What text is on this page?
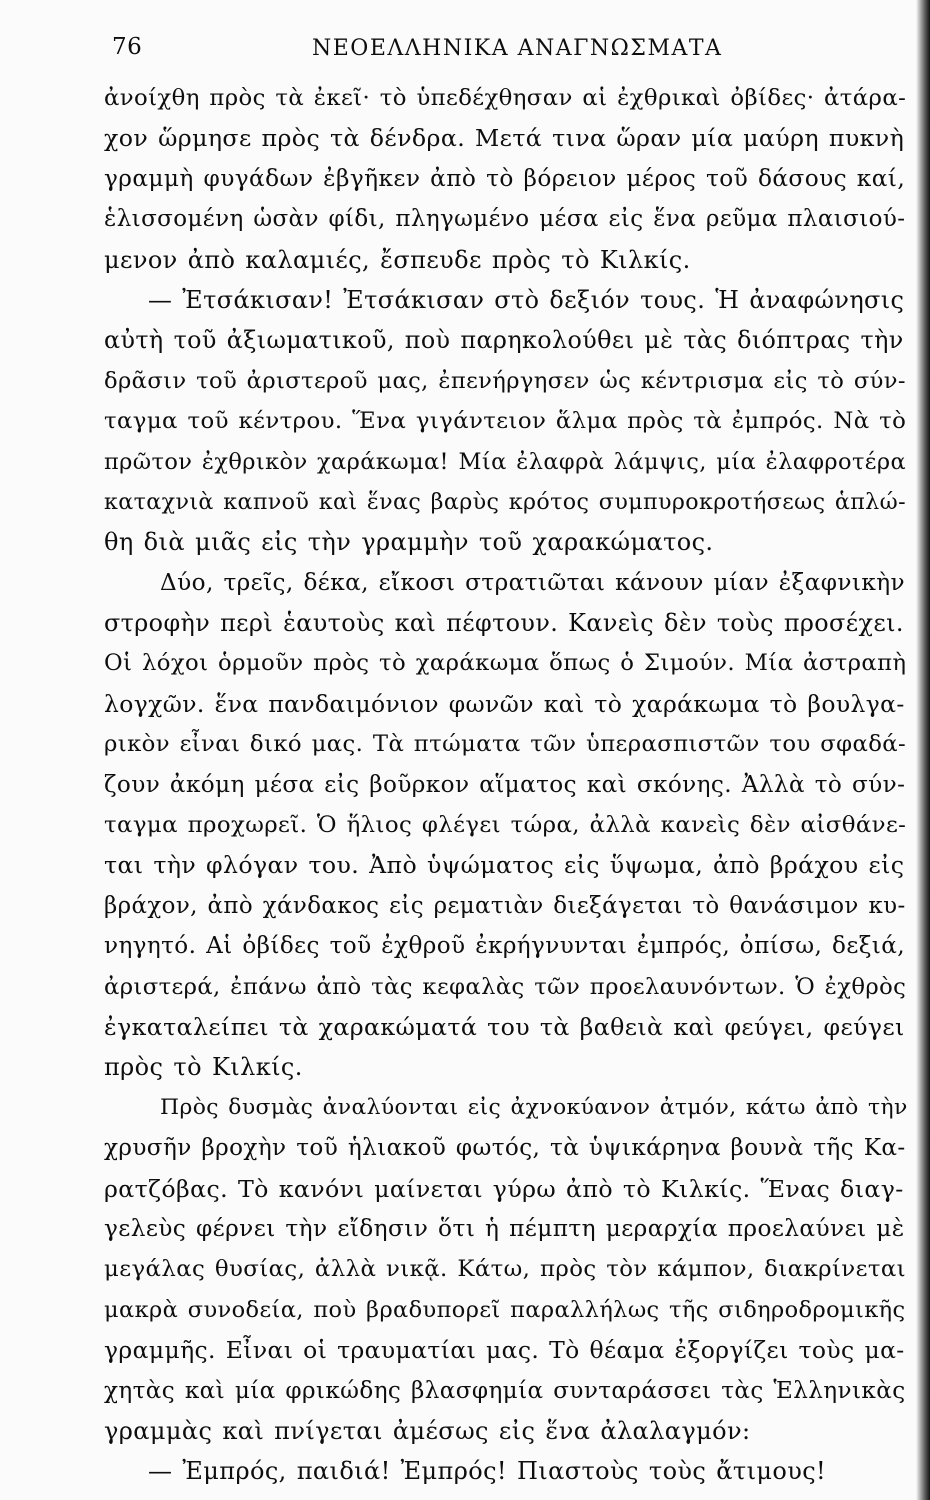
76	ΝΕΟΕΛΛΗΝΙΚΑ ΑΝΑΓΝΩΣΜΑΤΑ
ἀνοίχθη πρὸς τὰ ἐκεῖ· τὸ ὑπεδέχθησαν αἱ ἐχθρικαὶ ὀβίδες· ἀτάρα-
χον ὥρμησε πρὸς τὰ δένδρα. Μετά τινα ὥραν μία μαύρη πυκνὴ
γραμμὴ φυγάδων ἐβγῆκεν ἀπὸ τὸ βόρειον μέρος τοῦ δάσους καί,
ἑλισσομένη ὡσὰν φίδι, πληγωμένο μέσα εἰς ἕνα ρεῦμα πλαισιού-
μενον ἀπὸ καλαμιές, ἔσπευδε πρὸς τὸ Κιλκίς.
— Ἐτσάκισαν! Ἐτσάκισαν στὸ δεξιόν τους. Ἡ ἀναφώνησις
αὐτὴ τοῦ ἀξιωματικοῦ, ποὺ παρηκολούθει μὲ τὰς διόπτρας τὴν
δρᾶσιν τοῦ ἀριστεροῦ μας, ἐπενήργησεν ὡς κέντρισμα εἰς τὸ σύν-
ταγμα τοῦ κέντρου. Ἕνα γιγάντειον ἅλμα πρὸς τὰ ἐμπρός. Νὰ τὸ
πρῶτον ἐχθρικὸν χαράκωμα! Μία ἐλαφρὰ λάμψις, μία ἐλαφροτέρα
καταχνιὰ καπνοῦ καὶ ἕνας βαρὺς κρότος συμπυροκροτήσεως ἁπλώ-
θη διὰ μιᾶς εἰς τὴν γραμμὴν τοῦ χαρακώματος.
Δύο, τρεῖς, δέκα, εἴκοσι στρατιῶται κάνουν μίαν ἐξαφνικὴν
στροφὴν περὶ ἑαυτοὺς καὶ πέφτουν. Κανεὶς δὲν τοὺς προσέχει.
Οἱ λόχοι ὁρμοῦν πρὸς τὸ χαράκωμα ὅπως ὁ Σιμούν. Μία ἀστραπὴ
λογχῶν. ἕνα πανδαιμόνιον φωνῶν καὶ τὸ χαράκωμα τὸ βουλγα-
ρικὸν εἶναι δικό μας. Τὰ πτώματα τῶν ὑπερασπιστῶν του σφαδά-
ζουν ἀκόμη μέσα εἰς βοῦρκον αἵματος καὶ σκόνης. Ἀλλὰ τὸ σύν-
ταγμα προχωρεῖ. Ὁ ἥλιος φλέγει τώρα, ἀλλὰ κανεὶς δὲν αἰσθάνε-
ται τὴν φλόγαν του. Ἀπὸ ὑψώματος εἰς ὕψωμα, ἀπὸ βράχου εἰς
βράχον, ἀπὸ χάνδακος εἰς ρεματιὰν διεξάγεται τὸ θανάσιμον κυ-
νηγητό. Αἱ ὀβίδες τοῦ ἐχθροῦ ἐκρήγνυνται ἐμπρός, ὀπίσω, δεξιά,
ἀριστερά, ἐπάνω ἀπὸ τὰς κεφαλὰς τῶν προελαυνόντων. Ὁ ἐχθρὸς
ἐγκαταλείπει τὰ χαρακώματά του τὰ βαθειὰ καὶ φεύγει, φεύγει
πρὸς τὸ Κιλκίς.
Πρὸς δυσμὰς ἀναλύονται εἰς ἀχνοκύανον ἀτμόν, κάτω ἀπὸ τὴν
χρυσῆν βροχὴν τοῦ ἡλιακοῦ φωτός, τὰ ὑψικάρηνα βουνὰ τῆς Κα-
ρατζόβας. Τὸ κανόνι μαίνεται γύρω ἀπὸ τὸ Κιλκίς. Ἕνας διαγ-
γελεὺς φέρνει τὴν εἴδησιν ὅτι ἡ πέμπτη μεραρχία προελαύνει μὲ
μεγάλας θυσίας, ἀλλὰ νικᾷ. Κάτω, πρὸς τὸν κάμπον, διακρίνεται
μακρὰ συνοδεία, ποὺ βραδυπορεῖ παραλλήλως τῆς σιδηροδρομικῆς
γραμμῆς. Εἶναι οἱ τραυματίαι μας. Τὸ θέαμα ἐξοργίζει τοὺς μα-
χητὰς καὶ μία φρικώδης βλασφημία συνταράσσει τὰς Ἑλληνικὰς
γραμμὰς καὶ πνίγεται ἀμέσως εἰς ἕνα ἀλαλαγμόν:
— Ἐμπρός, παιδιά! Ἐμπρός! Πιαστοὺς τοὺς ἄτιμους!
